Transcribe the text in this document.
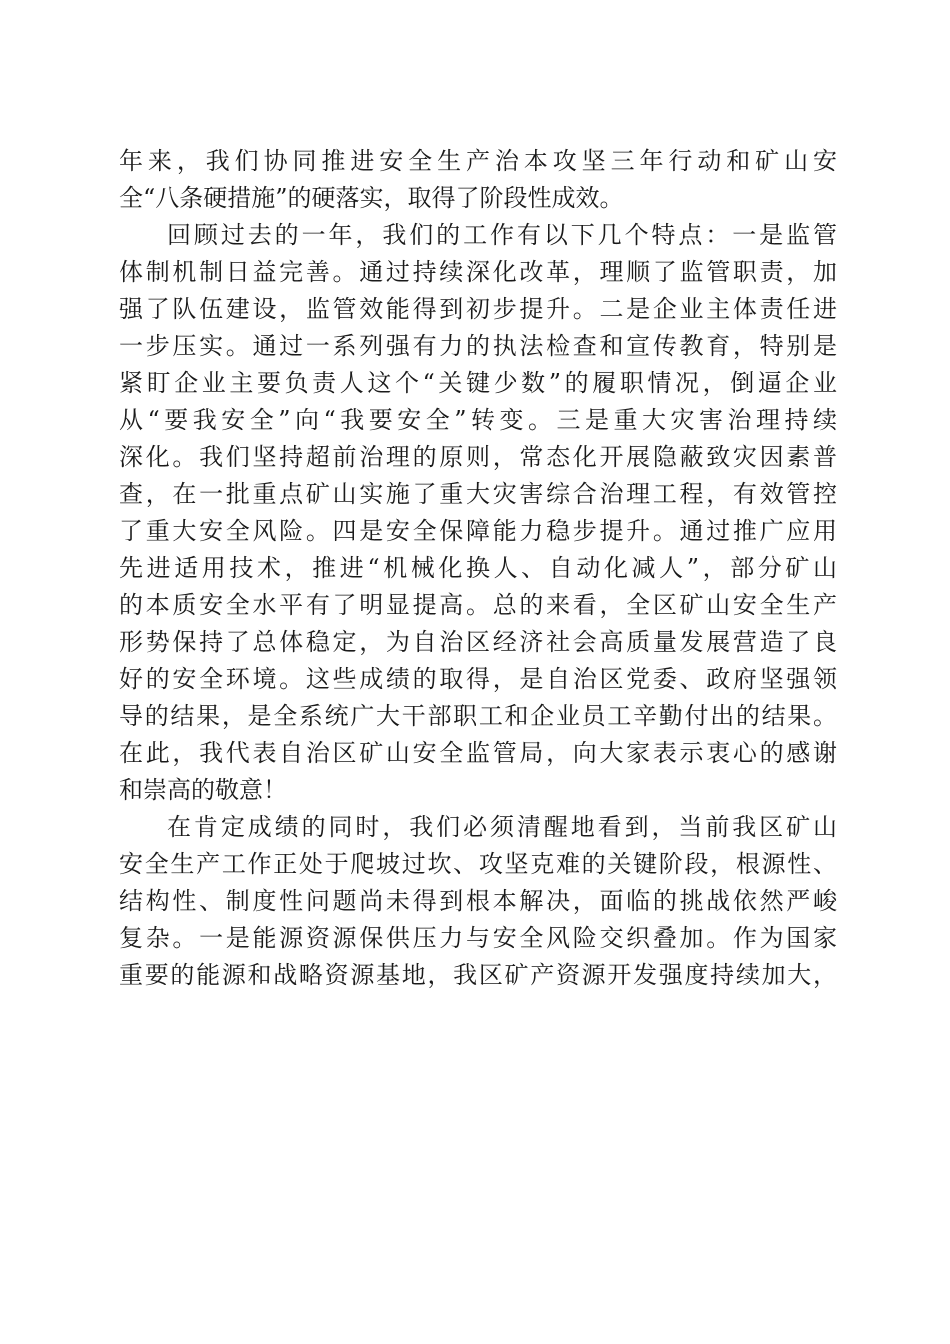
年来，我们协同推进安全生产治本攻坚三年行动和矿山安
全“八条硬措施”的硬落实，取得了阶段性成效。
回顾过去的一年，我们的工作有以下几个特点：一是监管
体制机制日益完善。通过持续深化改革，理顺了监管职责，加
强了队伍建设，监管效能得到初步提升。二是企业主体责任进
一步压实。通过一系列强有力的执法检查和宣传教育，特别是
紧盯企业主要负责人这个“关键少数”的履职情况，倒逼企业
从“要我安全”向“我要安全”转变。三是重大灾害治理持续
深化。我们坚持超前治理的原则，常态化开展隐蔽致灾因素普
查，在一批重点矿山实施了重大灾害综合治理工程，有效管控
了重大安全风险。四是安全保障能力稳步提升。通过推广应用
先进适用技术，推进“机械化换人、自动化减人”，部分矿山
的本质安全水平有了明显提高。总的来看，全区矿山安全生产
形势保持了总体稳定，为自治区经济社会高质量发展营造了良
好的安全环境。这些成绩的取得，是自治区党委、政府坚强领
导的结果，是全系统广大干部职工和企业员工辛勤付出的结果。
在此，我代表自治区矿山安全监管局，向大家表示衷心的感谢
和崇高的敬意！
在肯定成绩的同时，我们必须清醒地看到，当前我区矿山
安全生产工作正处于爬坡过坎、攻坚克难的关键阶段，根源性、
结构性、制度性问题尚未得到根本解决，面临的挑战依然严峻
复杂。一是能源资源保供压力与安全风险交织叠加。作为国家
重要的能源和战略资源基地，我区矿产资源开发强度持续加大，
